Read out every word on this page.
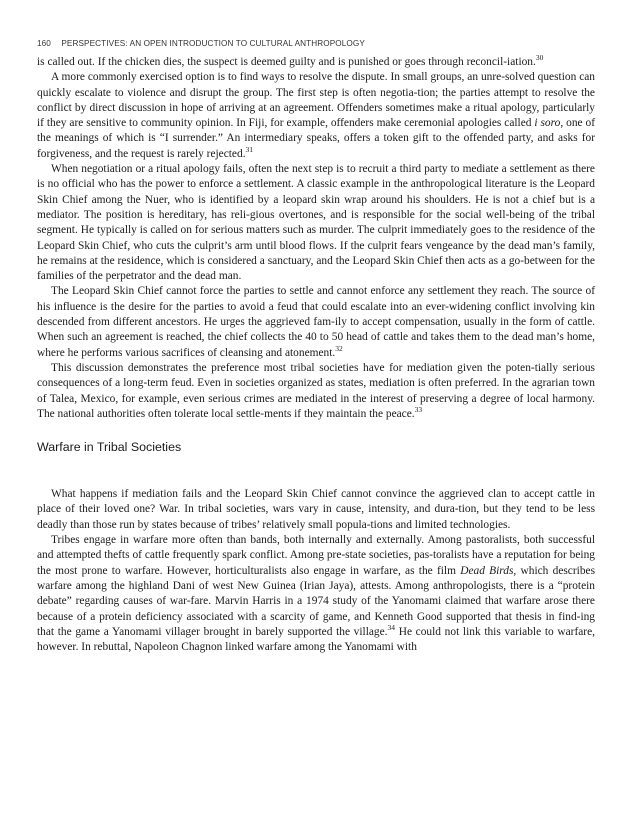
160 PERSPECTIVES: AN OPEN INTRODUCTION TO CULTURAL ANTHROPOLOGY

is called out. If the chicken dies, the suspect is deemed guilty and is punished or goes through reconcil-iation.$^{30}$

A more commonly exercised option is to find ways to resolve the dispute. In small groups, an unre-solved question can quickly escalate to violence and disrupt the group. The first step is often negotia-tion; the parties attempt to resolve the conflict by direct discussion in hope of arriving at an agreement. Offenders sometimes make a ritual apology, particularly if they are sensitive to community opinion. In Fiji, for example, offenders make ceremonial apologies called i soro, one of the meanings of which is “I surrender.” An intermediary speaks, offers a token gift to the offended party, and asks for forgiveness, and the request is rarely rejected.$^{31}$

When negotiation or a ritual apology fails, often the next step is to recruit a third party to mediate a settlement as there is no official who has the power to enforce a settlement. A classic example in the anthropological literature is the Leopard Skin Chief among the Nuer, who is identified by a leopard skin wrap around his shoulders. He is not a chief but is a mediator. The position is hereditary, has reli-gious overtones, and is responsible for the social well-being of the tribal segment. He typically is called on for serious matters such as murder. The culprit immediately goes to the residence of the Leopard Skin Chief, who cuts the culprit’s arm until blood flows. If the culprit fears vengeance by the dead man’s family, he remains at the residence, which is considered a sanctuary, and the Leopard Skin Chief then acts as a go-between for the families of the perpetrator and the dead man.

The Leopard Skin Chief cannot force the parties to settle and cannot enforce any settlement they reach. The source of his influence is the desire for the parties to avoid a feud that could escalate into an ever-widening conflict involving kin descended from different ancestors. He urges the aggrieved fam-ily to accept compensation, usually in the form of cattle. When such an agreement is reached, the chief collects the 40 to 50 head of cattle and takes them to the dead man’s home, where he performs various sacrifices of cleansing and atonement.$^{32}$

This discussion demonstrates the preference most tribal societies have for mediation given the poten-tially serious consequences of a long-term feud. Even in societies organized as states, mediation is often preferred. In the agrarian town of Talea, Mexico, for example, even serious crimes are mediated in the interest of preserving a degree of local harmony. The national authorities often tolerate local settle-ments if they maintain the peace.$^{33}$

Warfare in Tribal Societies

What happens if mediation fails and the Leopard Skin Chief cannot convince the aggrieved clan to accept cattle in place of their loved one? War. In tribal societies, wars vary in cause, intensity, and dura-tion, but they tend to be less deadly than those run by states because of tribes’ relatively small popula-tions and limited technologies.

Tribes engage in warfare more often than bands, both internally and externally. Among pastoralists, both successful and attempted thefts of cattle frequently spark conflict. Among pre-state societies, pas-toralists have a reputation for being the most prone to warfare. However, horticulturalists also engage in warfare, as the film Dead Birds, which describes warfare among the highland Dani of west New Guinea (Irian Jaya), attests. Among anthropologists, there is a “protein debate” regarding causes of war-fare. Marvin Harris in a 1974 study of the Yanomami claimed that warfare arose there because of a protein deficiency associated with a scarcity of game, and Kenneth Good supported that thesis in find-ing that the game a Yanomami villager brought in barely supported the village.$^{34}$ He could not link this variable to warfare, however. In rebuttal, Napoleon Chagnon linked warfare among the Yanomami with
